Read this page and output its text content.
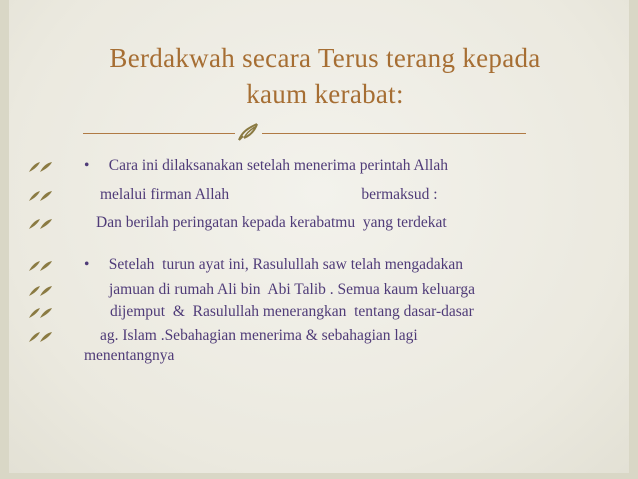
Berdakwah secara Terus terang kepada
kaum kerabat:
•     Cara ini dilaksanakan setelah menerima perintah Allah
melalui firman Allah                                bermaksud :
Dan berilah peringatan kepada kerabatmu  yang terdekat
•     Setelah  turun ayat ini, Rasulullah saw telah mengadakan
jamuan di rumah Ali bin  Abi Talib . Semua kaum keluarga
dijemput  &  Rasulullah menerangkan  tentang dasar-dasar
ag. Islam .Sebahagian menerima & sebahagian lagi
menentangnya
